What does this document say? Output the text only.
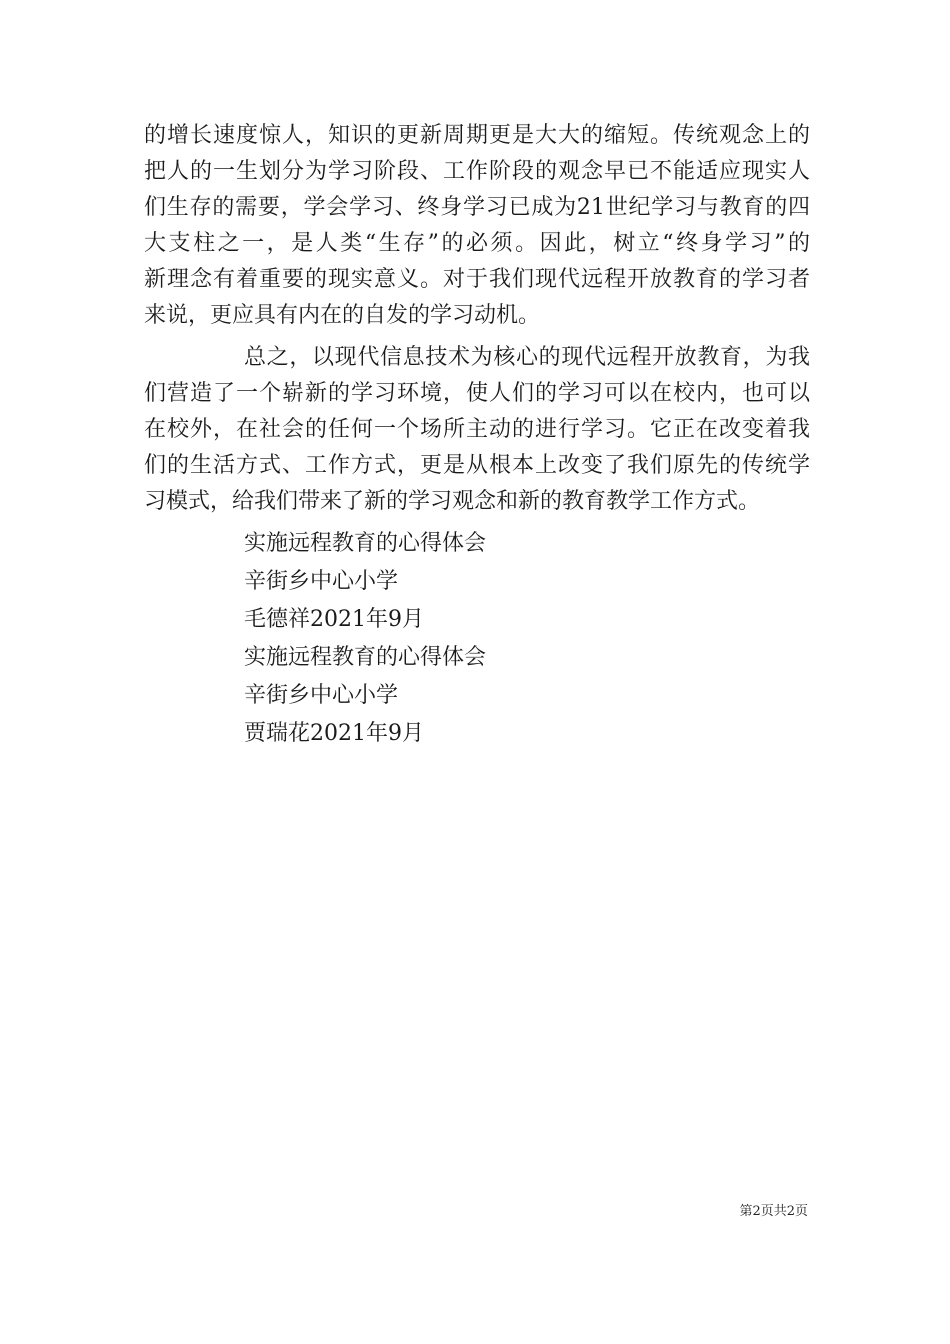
的增长速度惊人，知识的更新周期更是大大的缩短。传统观念上的
把人的一生划分为学习阶段、工作阶段的观念早已不能适应现实人
们生存的需要，学会学习、终身学习已成为21世纪学习与教育的四
大支柱之一，是人类“生存”的必须。因此，树立“终身学习”的
新理念有着重要的现实意义。对于我们现代远程开放教育的学习者
来说，更应具有内在的自发的学习动机。
总之，以现代信息技术为核心的现代远程开放教育，为我
们营造了一个崭新的学习环境，使人们的学习可以在校内，也可以
在校外，在社会的任何一个场所主动的进行学习。它正在改变着我
们的生活方式、工作方式，更是从根本上改变了我们原先的传统学
习模式，给我们带来了新的学习观念和新的教育教学工作方式。
实施远程教育的心得体会
辛街乡中心小学
毛德祥2021年9月
实施远程教育的心得体会
辛街乡中心小学
贾瑞花2021年9月
第2页共2页
